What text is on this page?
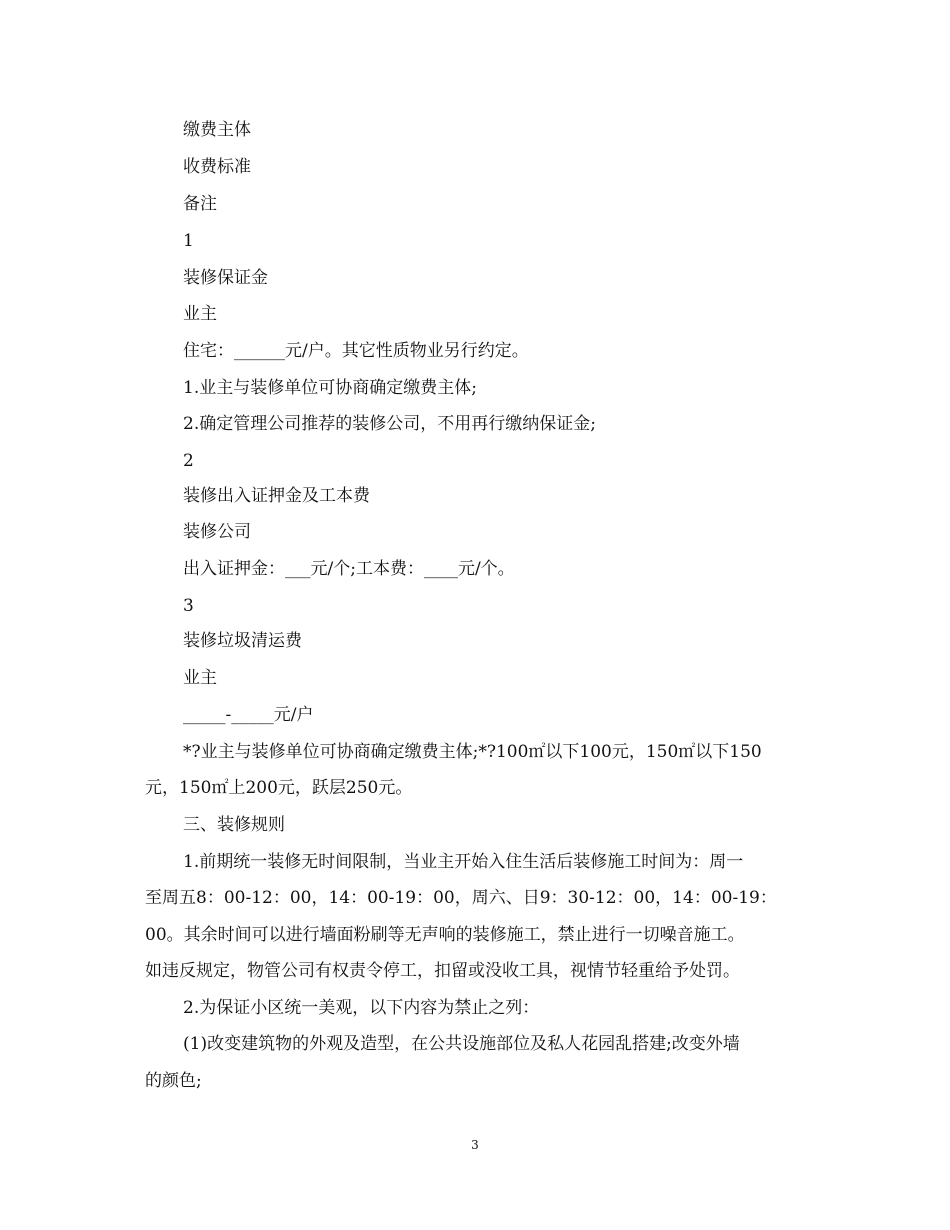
缴费主体
收费标准
备注
1
装修保证金
业主
住宅：______元/户。其它性质物业另行约定。
1.业主与装修单位可协商确定缴费主体;
2.确定管理公司推荐的装修公司，不用再行缴纳保证金;
2
装修出入证押金及工本费
装修公司
出入证押金：___元/个;工本费：____元/个。
3
装修垃圾清运费
业主
_____-_____元/户
*?业主与装修单位可协商确定缴费主体;*?100㎡以下100元，150㎡以下150
元，150㎡上200元，跃层250元。
三、装修规则
1.前期统一装修无时间限制，当业主开始入住生活后装修施工时间为：周一
至周五8：00-12：00，14：00-19：00，周六、日9：30-12：00，14：00-19：
00。其余时间可以进行墙面粉刷等无声响的装修施工，禁止进行一切噪音施工。
如违反规定，物管公司有权责令停工，扣留或没收工具，视情节轻重给予处罚。
2.为保证小区统一美观，以下内容为禁止之列：
(1)改变建筑物的外观及造型，在公共设施部位及私人花园乱搭建;改变外墙
的颜色;
3
